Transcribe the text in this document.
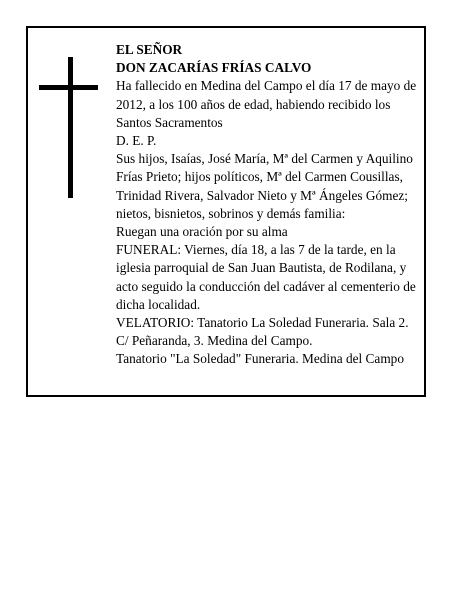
EL SEÑOR

DON ZACARÍAS FRÍAS CALVO

Ha fallecido en Medina del Campo el día 17 de mayo de 2012, a los 100 años de edad, habiendo recibido los Santos Sacramentos

D. E. P.

Sus hijos, Isaías, José María, Mª del Carmen y Aquilino Frías Prieto; hijos políticos, Mª del Carmen Cousillas, Trinidad Rivera, Salvador Nieto y Mª Ángeles Gómez; nietos, bisnietos, sobrinos y demás familia:

Ruegan una oración por su alma

FUNERAL: Viernes, día 18, a las 7 de la tarde, en la iglesia parroquial de San Juan Bautista, de Rodilana, y acto seguido la conducción del cadáver al cementerio de dicha localidad.

VELATORIO: Tanatorio La Soledad Funeraria. Sala 2. C/ Peñaranda, 3. Medina del Campo.

Tanatorio "La Soledad" Funeraria. Medina del Campo
